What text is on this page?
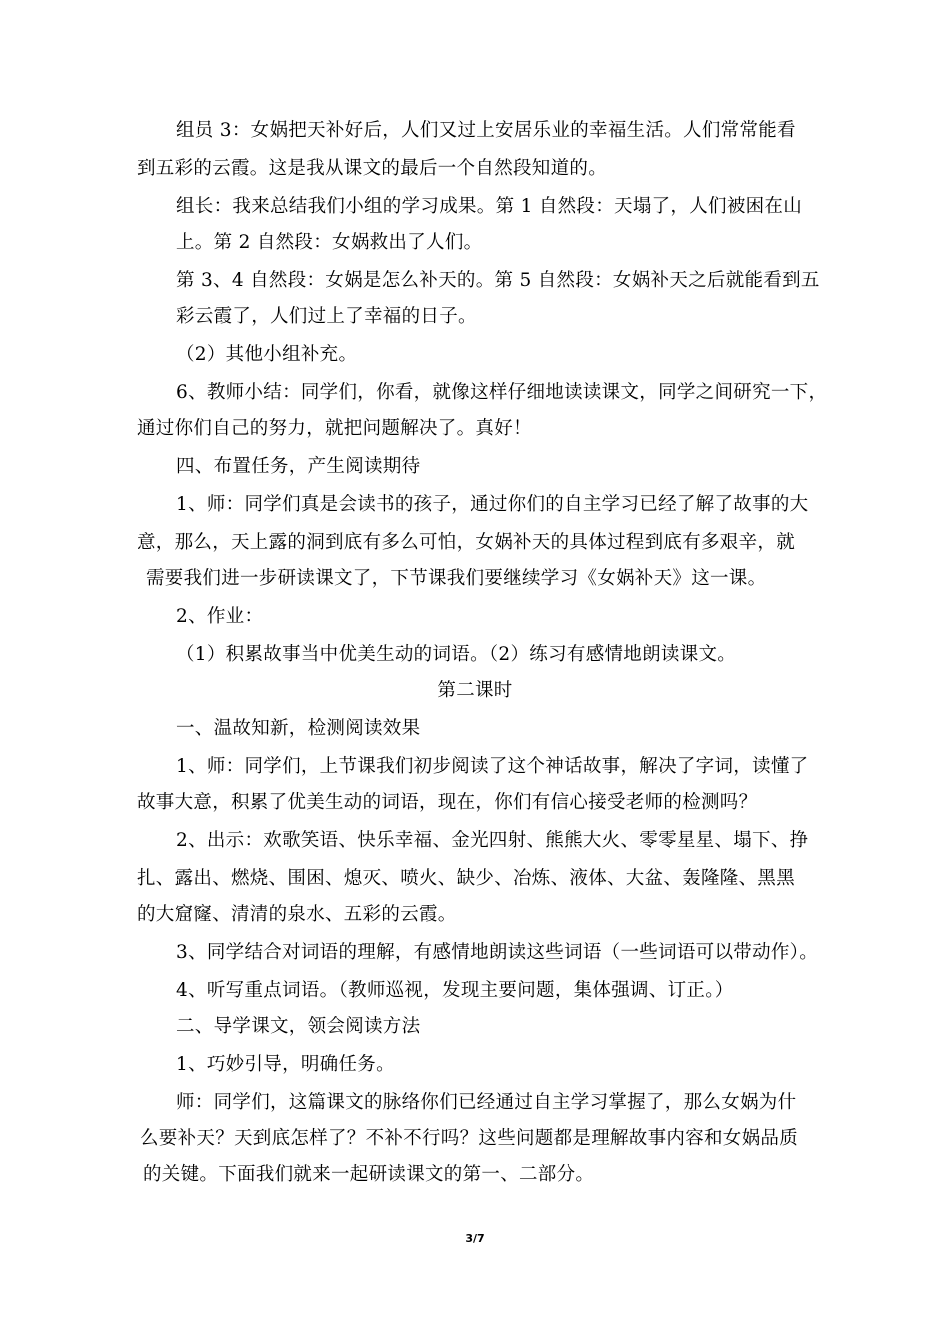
组员 3：女娲把天补好后，人们又过上安居乐业的幸福生活。人们常常能看
到五彩的云霞。这是我从课文的最后一个自然段知道的。
组长：我来总结我们小组的学习成果。第 1 自然段：天塌了，人们被困在山
上。第 2 自然段：女娲救出了人们。
第 3、4 自然段：女娲是怎么补天的。第 5 自然段：女娲补天之后就能看到五
彩云霞了，人们过上了幸福的日子。
（2）其他小组补充。
6、教师小结：同学们，你看，就像这样仔细地读读课文，同学之间研究一下，
通过你们自己的努力，就把问题解决了。真好！
四、布置任务，产生阅读期待
1、师：同学们真是会读书的孩子，通过你们的自主学习已经了解了故事的大
意，那么，天上露的洞到底有多么可怕，女娲补天的具体过程到底有多艰辛，就
需要我们进一步研读课文了，下节课我们要继续学习《女娲补天》这一课。
2、作业：
（1）积累故事当中优美生动的词语。（2）练习有感情地朗读课文。
第二课时
一、温故知新，检测阅读效果
1、师：同学们，上节课我们初步阅读了这个神话故事，解决了字词，读懂了
故事大意，积累了优美生动的词语，现在，你们有信心接受老师的检测吗？
2、出示：欢歌笑语、快乐幸福、金光四射、熊熊大火、零零星星、塌下、挣
扎、露出、燃烧、围困、熄灭、喷火、缺少、冶炼、液体、大盆、轰隆隆、黑黑
的大窟窿、清清的泉水、五彩的云霞。
3、同学结合对词语的理解，有感情地朗读这些词语（一些词语可以带动作）。
4、听写重点词语。（教师巡视，发现主要问题，集体强调、订正。）
二、导学课文，领会阅读方法
1、巧妙引导，明确任务。
师：同学们，这篇课文的脉络你们已经通过自主学习掌握了，那么女娲为什
么要补天？天到底怎样了？不补不行吗？这些问题都是理解故事内容和女娲品质
的关键。下面我们就来一起研读课文的第一、二部分。
3/7
